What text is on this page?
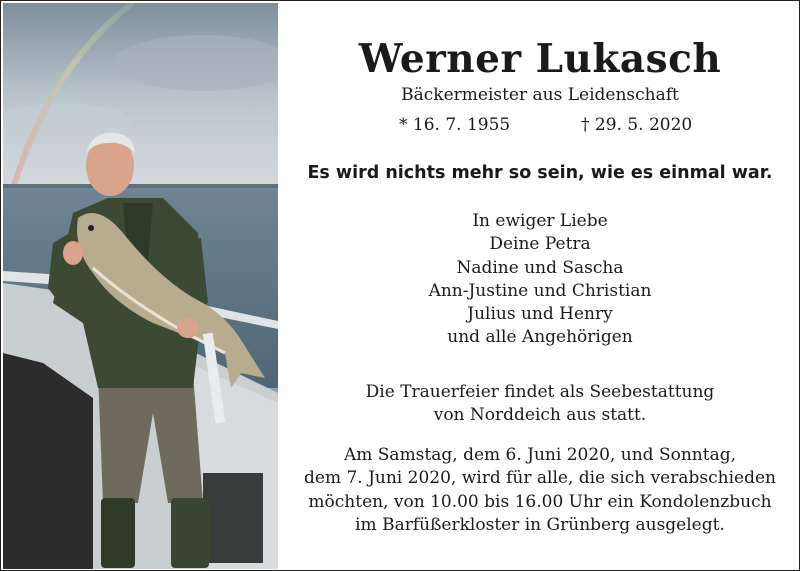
Werner Lukasch
Bäckermeister aus Leidenschaft
* 16. 7. 1955	† 29. 5. 2020
Es wird nichts mehr so sein, wie es einmal war.
In ewiger Liebe
Deine Petra
Nadine und Sascha
Ann-Justine und Christian
Julius und Henry
und alle Angehörigen
Die Trauerfeier findet als Seebestattung
von Norddeich aus statt.
Am Samstag, dem 6. Juni 2020, und Sonntag,
dem 7. Juni 2020, wird für alle, die sich verabschieden
möchten, von 10.00 bis 16.00 Uhr ein Kondolenzbuch
im Barfüßerkloster in Grünberg ausgelegt.
